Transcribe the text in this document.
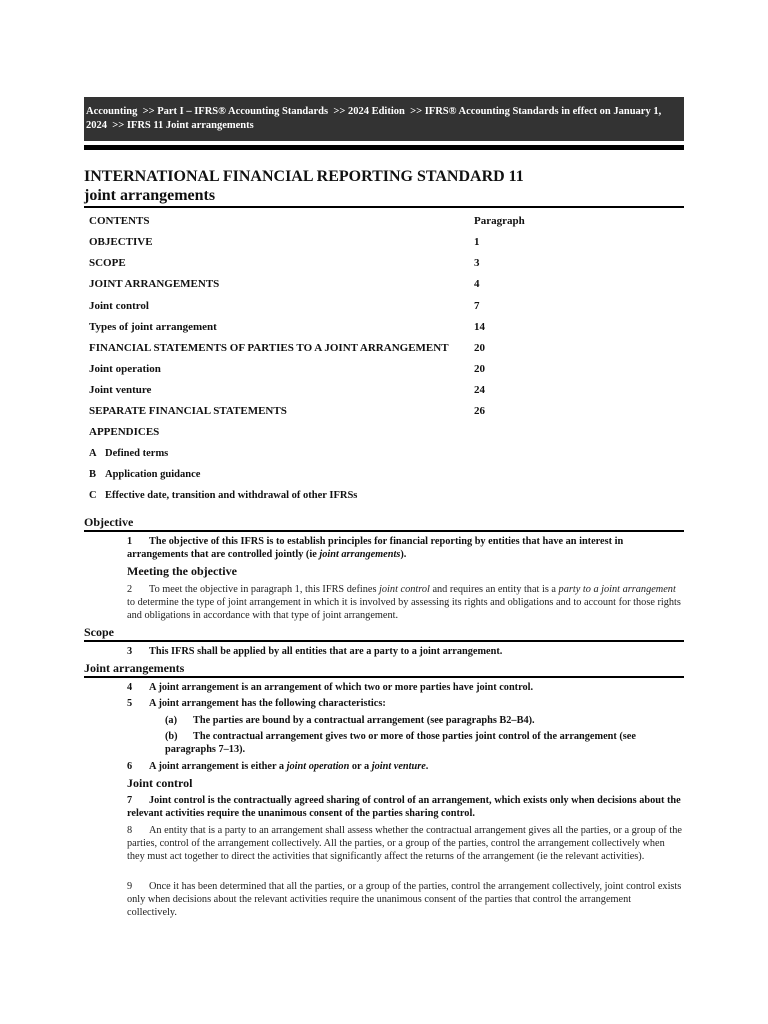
Accounting >> Part I – IFRS® Accounting Standards >> 2024 Edition >> IFRS® Accounting Standards in effect on January 1, 2024 >> IFRS 11 Joint arrangements
INTERNATIONAL FINANCIAL REPORTING STANDARD 11
joint arrangements
CONTENTS	Paragraph
OBJECTIVE	1
SCOPE	3
JOINT ARRANGEMENTS	4
Joint control	7
Types of joint arrangement	14
FINANCIAL STATEMENTS OF PARTIES TO A JOINT ARRANGEMENT 20
Joint operation	20
Joint venture	24
SEPARATE FINANCIAL STATEMENTS	26
APPENDICES
A Defined terms
B Application guidance
C Effective date, transition and withdrawal of other IFRSs
Objective
1 The objective of this IFRS is to establish principles for financial reporting by entities that have an interest in arrangements that are controlled jointly (ie joint arrangements).
Meeting the objective
2 To meet the objective in paragraph 1, this IFRS defines joint control and requires an entity that is a party to a joint arrangement to determine the type of joint arrangement in which it is involved by assessing its rights and obligations and to account for those rights and obligations in accordance with that type of joint arrangement.
Scope
3 This IFRS shall be applied by all entities that are a party to a joint arrangement.
Joint arrangements
4 A joint arrangement is an arrangement of which two or more parties have joint control.
5 A joint arrangement has the following characteristics:
(a) The parties are bound by a contractual arrangement (see paragraphs B2–B4).
(b) The contractual arrangement gives two or more of those parties joint control of the arrangement (see paragraphs 7–13).
6 A joint arrangement is either a joint operation or a joint venture.
Joint control
7 Joint control is the contractually agreed sharing of control of an arrangement, which exists only when decisions about the relevant activities require the unanimous consent of the parties sharing control.
8 An entity that is a party to an arrangement shall assess whether the contractual arrangement gives all the parties, or a group of the parties, control of the arrangement collectively. All the parties, or a group of the parties, control the arrangement collectively when they must act together to direct the activities that significantly affect the returns of the arrangement (ie the relevant activities).
9 Once it has been determined that all the parties, or a group of the parties, control the arrangement collectively, joint control exists only when decisions about the relevant activities require the unanimous consent of the parties that control the arrangement collectively.
